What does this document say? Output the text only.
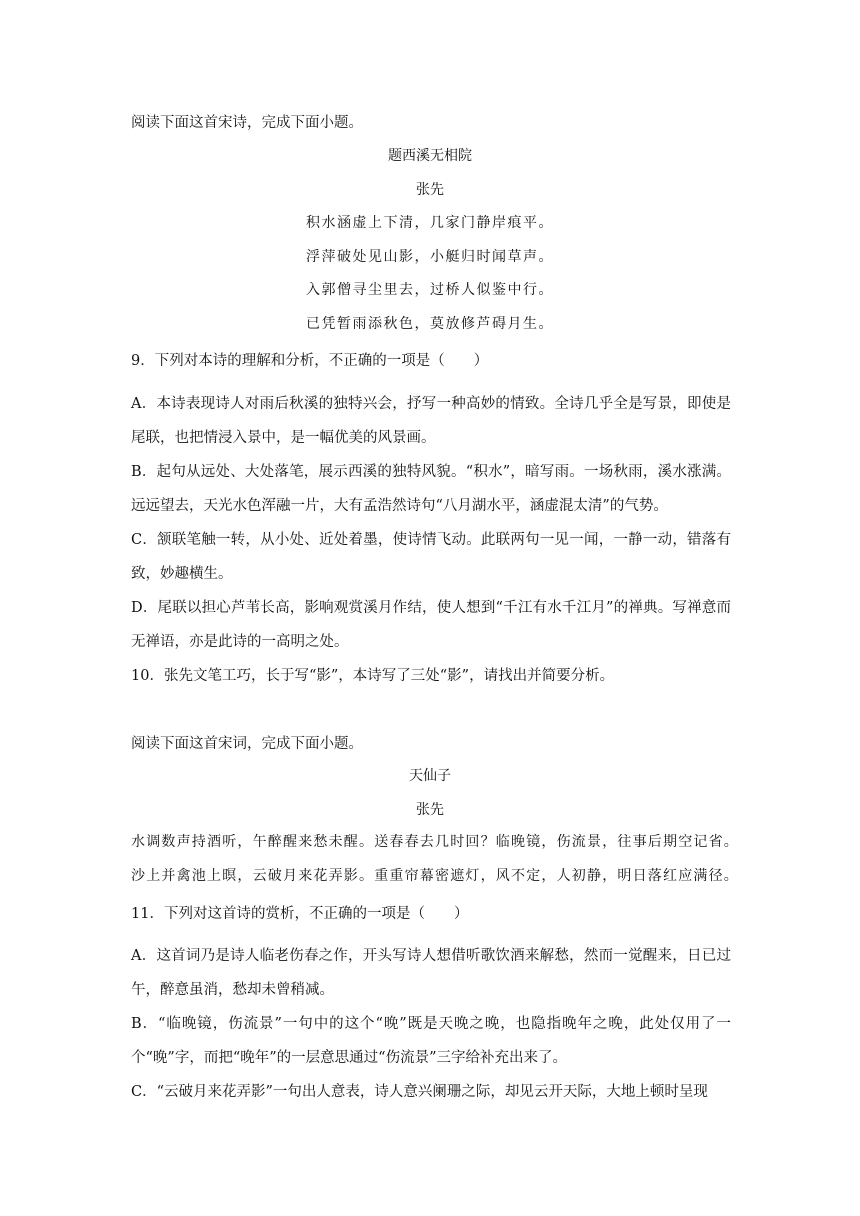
阅读下面这首宋诗，完成下面小题。

题西溪无相院

张先

积水涵虚上下清，几家门静岸痕平。

浮萍破处见山影，小艇归时闻草声。

入郭僧寻尘里去，过桥人似鉴中行。

已凭暂雨添秋色，莫放修芦碍月生。

9．下列对本诗的理解和分析，不正确的一项是（　　）

A．本诗表现诗人对雨后秋溪的独特兴会，抒写一种高妙的情致。全诗几乎全是写景，即使是尾联，也把情浸入景中，是一幅优美的风景画。

B．起句从远处、大处落笔，展示西溪的独特风貌。“积水”，暗写雨。一场秋雨，溪水涨满。远远望去，天光水色浑融一片，大有孟浩然诗句“八月湖水平，涵虚混太清”的气势。

C．颔联笔触一转，从小处、近处着墨，使诗情飞动。此联两句一见一闻，一静一动，错落有致，妙趣横生。

D．尾联以担心芦苇长高，影响观赏溪月作结，使人想到“千江有水千江月”的禅典。写禅意而无禅语，亦是此诗的一高明之处。

10．张先文笔工巧，长于写“影”，本诗写了三处“影”，请找出并简要分析。

阅读下面这首宋词，完成下面小题。

天仙子

张先

水调数声持酒听，午醉醒来愁未醒。送春春去几时回？临晚镜，伤流景，往事后期空记省。

沙上并禽池上暝，云破月来花弄影。重重帘幕密遮灯，风不定，人初静，明日落红应满径。

11．下列对这首诗的赏析，不正确的一项是（　　）

A．这首词乃是诗人临老伤春之作，开头写诗人想借听歌饮酒来解愁，然而一觉醒来，日已过午，醉意虽消，愁却未曾稍减。

B．“临晚镜，伤流景”一句中的这个“晚”既是天晚之晚，也隐指晚年之晚，此处仅用了一个“晚”字，而把“晚年”的一层意思通过“伤流景”三字给补充出来了。

C．“云破月来花弄影”一句出人意表，诗人意兴阑珊之际，却见云开天际，大地上顿时呈现
